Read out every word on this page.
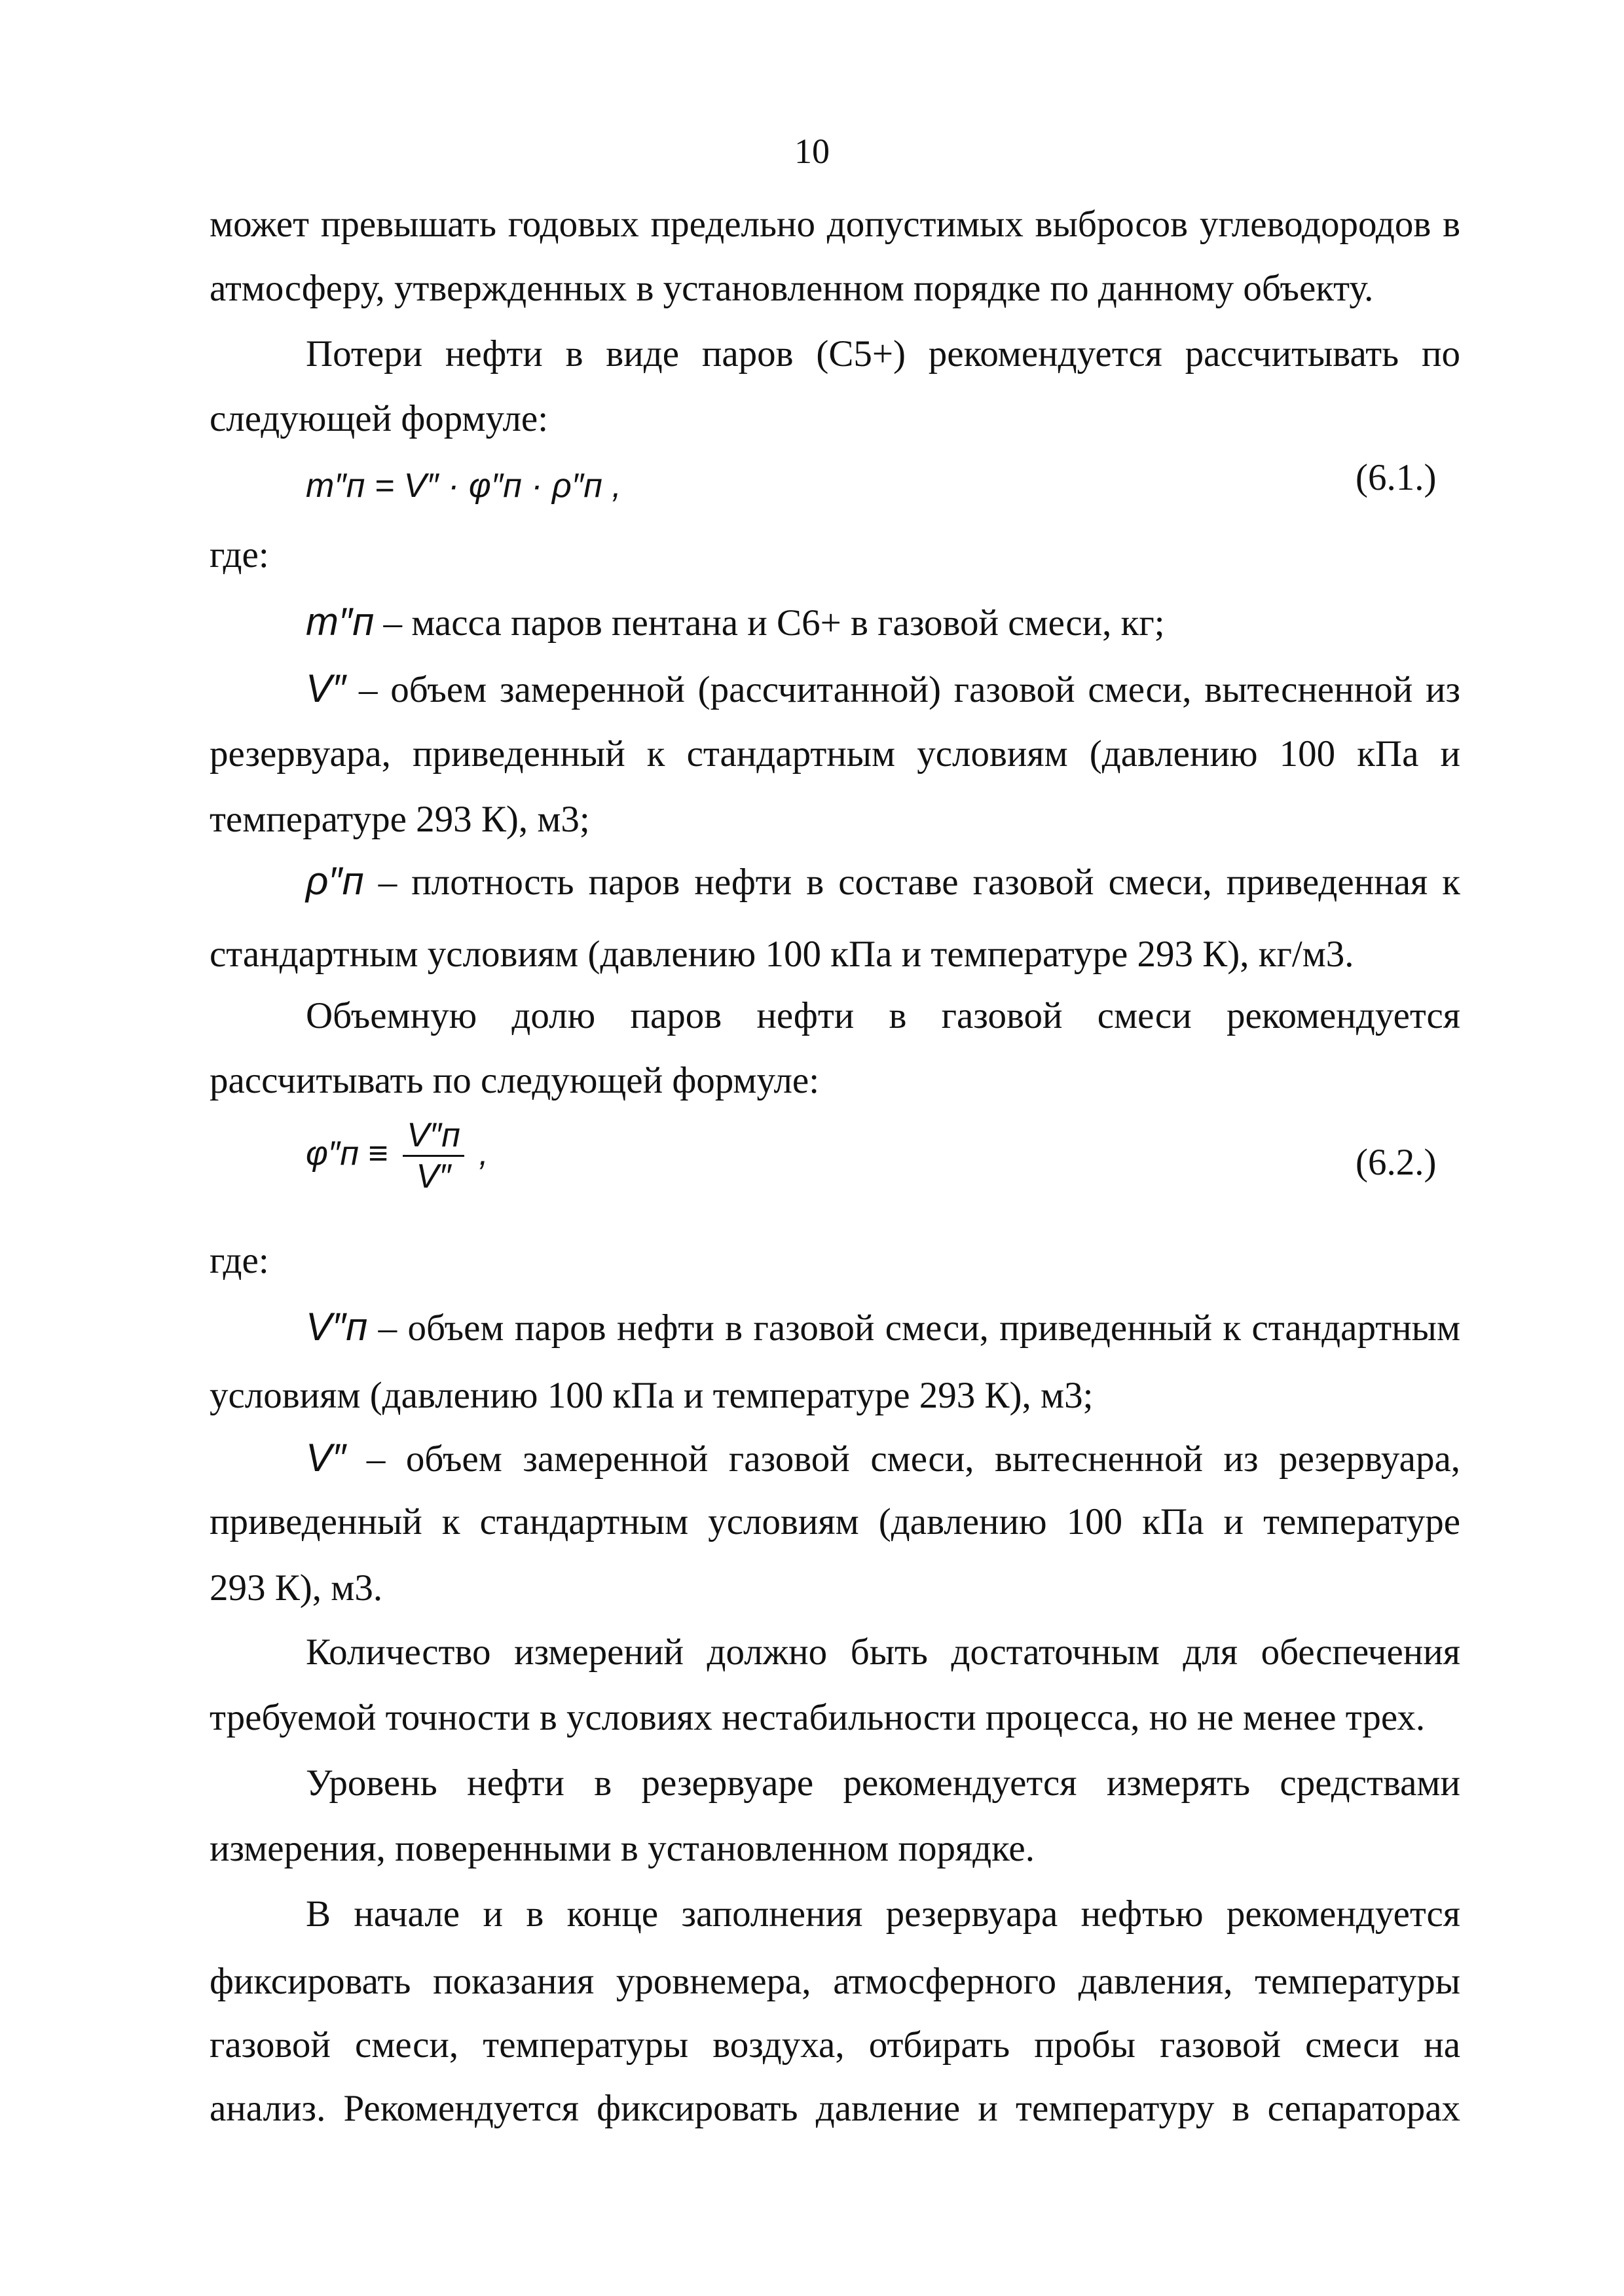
10
может превышать годовых предельно допустимых выбросов углеводородов в
атмосферу, утвержденных в установленном порядке по данному объекту.
Потери нефти в виде паров (С5+) рекомендуется рассчитывать по
следующей формуле:
m″п = V″ · φ″п · ρ″п ,	(6.1.)
где:
m″п – масса паров пентана и С6+ в газовой смеси, кг;
V″ – объем замеренной (рассчитанной) газовой смеси, вытесненной из
резервуара, приведенный к стандартным условиям (давлению 100 кПа и
температуре 293 К), м3;
ρ″п – плотность паров нефти в составе газовой смеси, приведенная к
стандартным условиям (давлению 100 кПа и температуре 293 К), кг/м3.
Объемную долю паров нефти в газовой смеси рекомендуется
рассчитывать по следующей формуле:
$\varphi''п \equiv \frac{V''п}{V''}$ ,	(6.2.)
где:
V″п – объем паров нефти в газовой смеси, приведенный к стандартным
условиям (давлению 100 кПа и температуре 293 К), м3;
V″ – объем замеренной газовой смеси, вытесненной из резервуара,
приведенный к стандартным условиям (давлению 100 кПа и температуре
293 К), м3.
Количество измерений должно быть достаточным для обеспечения
требуемой точности в условиях нестабильности процесса, но не менее трех.
Уровень нефти в резервуаре рекомендуется измерять средствами
измерения, поверенными в установленном порядке.
В начале и в конце заполнения резервуара нефтью рекомендуется
фиксировать показания уровнемера, атмосферного давления, температуры
газовой смеси, температуры воздуха, отбирать пробы газовой смеси на
анализ. Рекомендуется фиксировать давление и температуру в сепараторах
